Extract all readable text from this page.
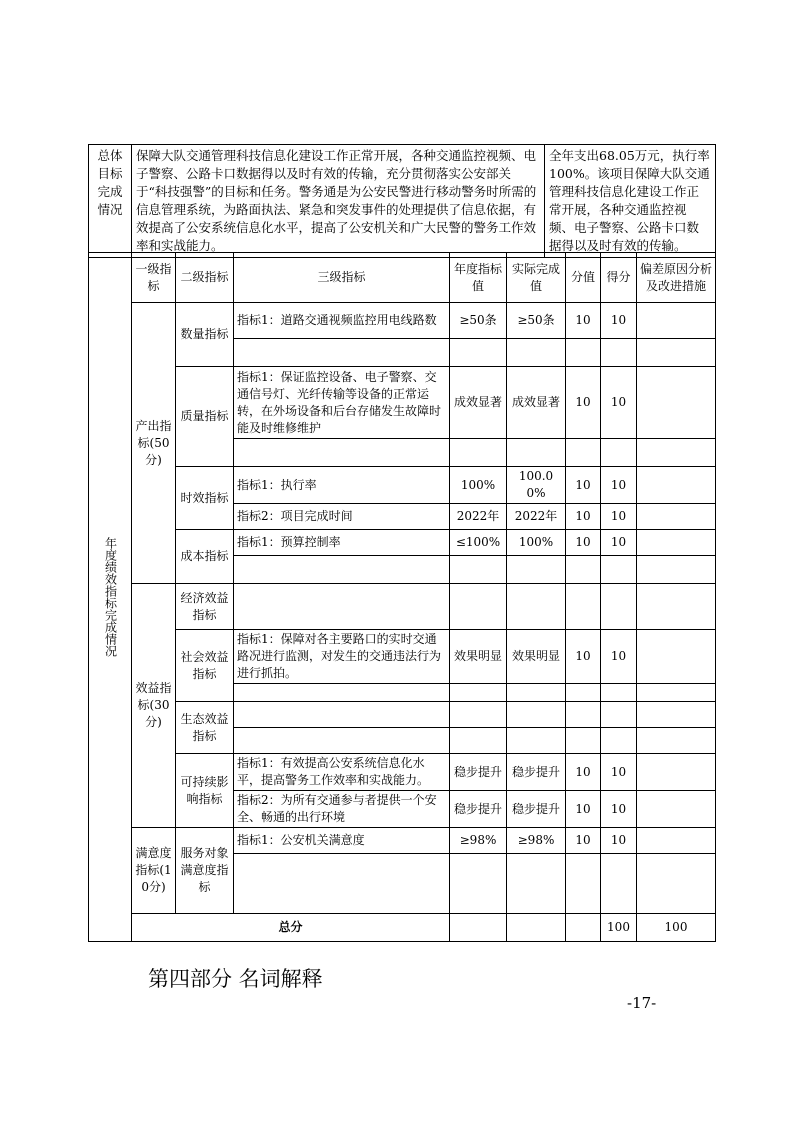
总体目标完成情况	保障大队交通管理科技信息化建设工作正常开展，各种交通监控视频、电子警察、公路卡口数据得以及时有效的传输，充分贯彻落实公安部关于“科技强警”的目标和任务。警务通是为公安民警进行移动警务时所需的信息管理系统，为路面执法、紧急和突发事件的处理提供了信息依据，有效提高了公安系统信息化水平，提高了公安机关和广大民警的警务工作效率和实战能力。	全年支出68.05万元，执行率100%。该项目保障大队交通管理科技信息化建设工作正常开展，各种交通监控视频、电子警察、公路卡口数据得以及时有效的传输。
年度绩效指标完成情况	一级指标	二级指标	三级指标	年度指标值	实际完成值	分值	得分	偏差原因分析及改进措施	
	产出指标(50分)	数量指标	指标1：道路交通视频监控用电线路数	≥50条	≥50条	10	10		

		质量指标	指标1：保证监控设备、电子警察、交通信号灯、光纤传输等设备的正常运转，在外场设备和后台存储发生故障时能及时维修维护	成效显著	成效显著	10	10		

		时效指标	指标1：执行率	100%	100.00%	10	10		
			指标2：项目完成时间	2022年	2022年	10	10		
		成本指标	指标1：预算控制率	≤100%	100%	10	10		

	效益指标(30分)	经济效益指标							
		社会效益指标	指标1：保障对各主要路口的实时交通路况进行监测，对发生的交通违法行为进行抓拍。	效果明显	效果明显	10	10		

		生态效益指标							

		可持续影响指标	指标1：有效提高公安系统信息化水平，提高警务工作效率和实战能力。	稳步提升	稳步提升	10	10		
			指标2：为所有交通参与者提供一个安全、畅通的出行环境	稳步提升	稳步提升	10	10		

	满意度指标(10分)	服务对象满意度指标	指标1：公安机关满意度	≥98%	≥98%	10	10		

	总分						100	100	
第四部分 名词解释
-17-
